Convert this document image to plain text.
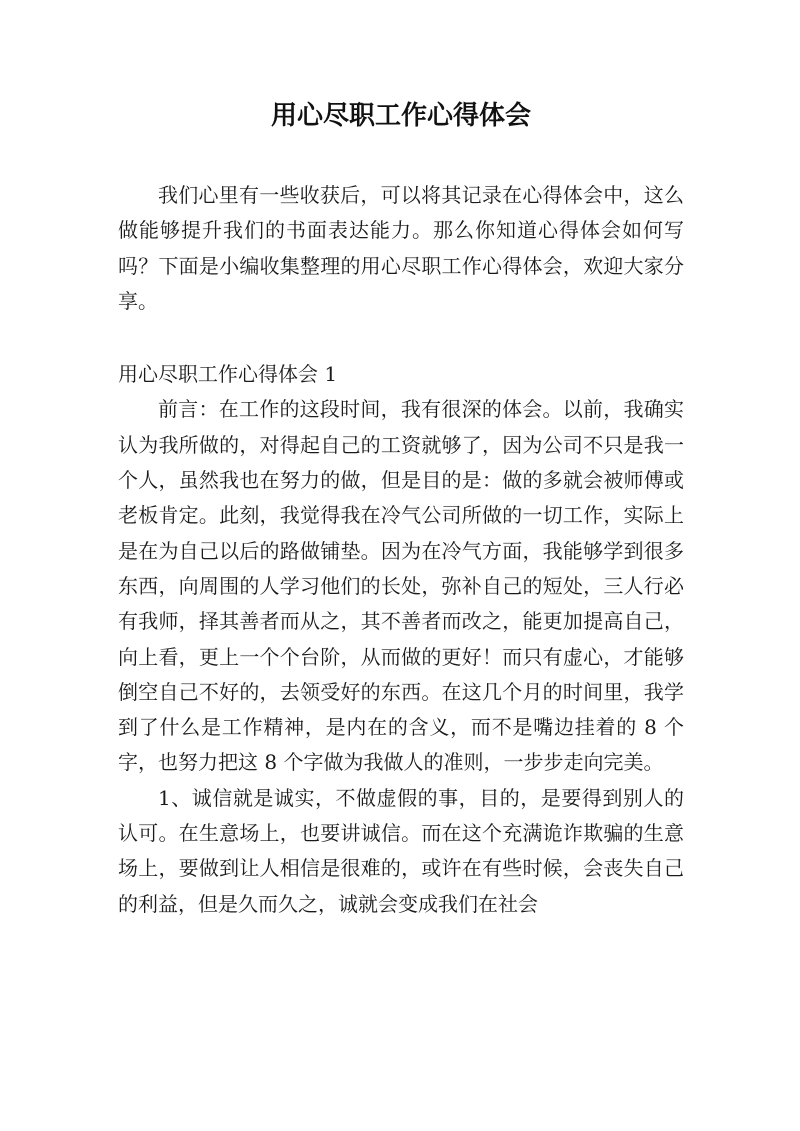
用心尽职工作心得体会

我们心里有一些收获后，可以将其记录在心得体会中，这么做能够提升我们的书面表达能力。那么你知道心得体会如何写吗？下面是小编收集整理的用心尽职工作心得体会，欢迎大家分享。

用心尽职工作心得体会 1

前言：在工作的这段时间，我有很深的体会。以前，我确实认为我所做的，对得起自己的工资就够了，因为公司不只是我一个人，虽然我也在努力的做，但是目的是：做的多就会被师傅或老板肯定。此刻，我觉得我在冷气公司所做的一切工作，实际上是在为自己以后的路做铺垫。因为在冷气方面，我能够学到很多东西，向周围的人学习他们的长处，弥补自己的短处，三人行必有我师，择其善者而从之，其不善者而改之，能更加提高自己，向上看，更上一个个台阶，从而做的更好！而只有虚心，才能够倒空自己不好的，去领受好的东西。在这几个月的时间里，我学到了什么是工作精神，是内在的含义，而不是嘴边挂着的 8 个字，也努力把这 8 个字做为我做人的准则，一步步走向完美。

1、诚信就是诚实，不做虚假的事，目的，是要得到别人的认可。在生意场上，也要讲诚信。而在这个充满诡诈欺骗的生意场上，要做到让人相信是很难的，或许在有些时候，会丧失自己的利益，但是久而久之，诚就会变成我们在社会
